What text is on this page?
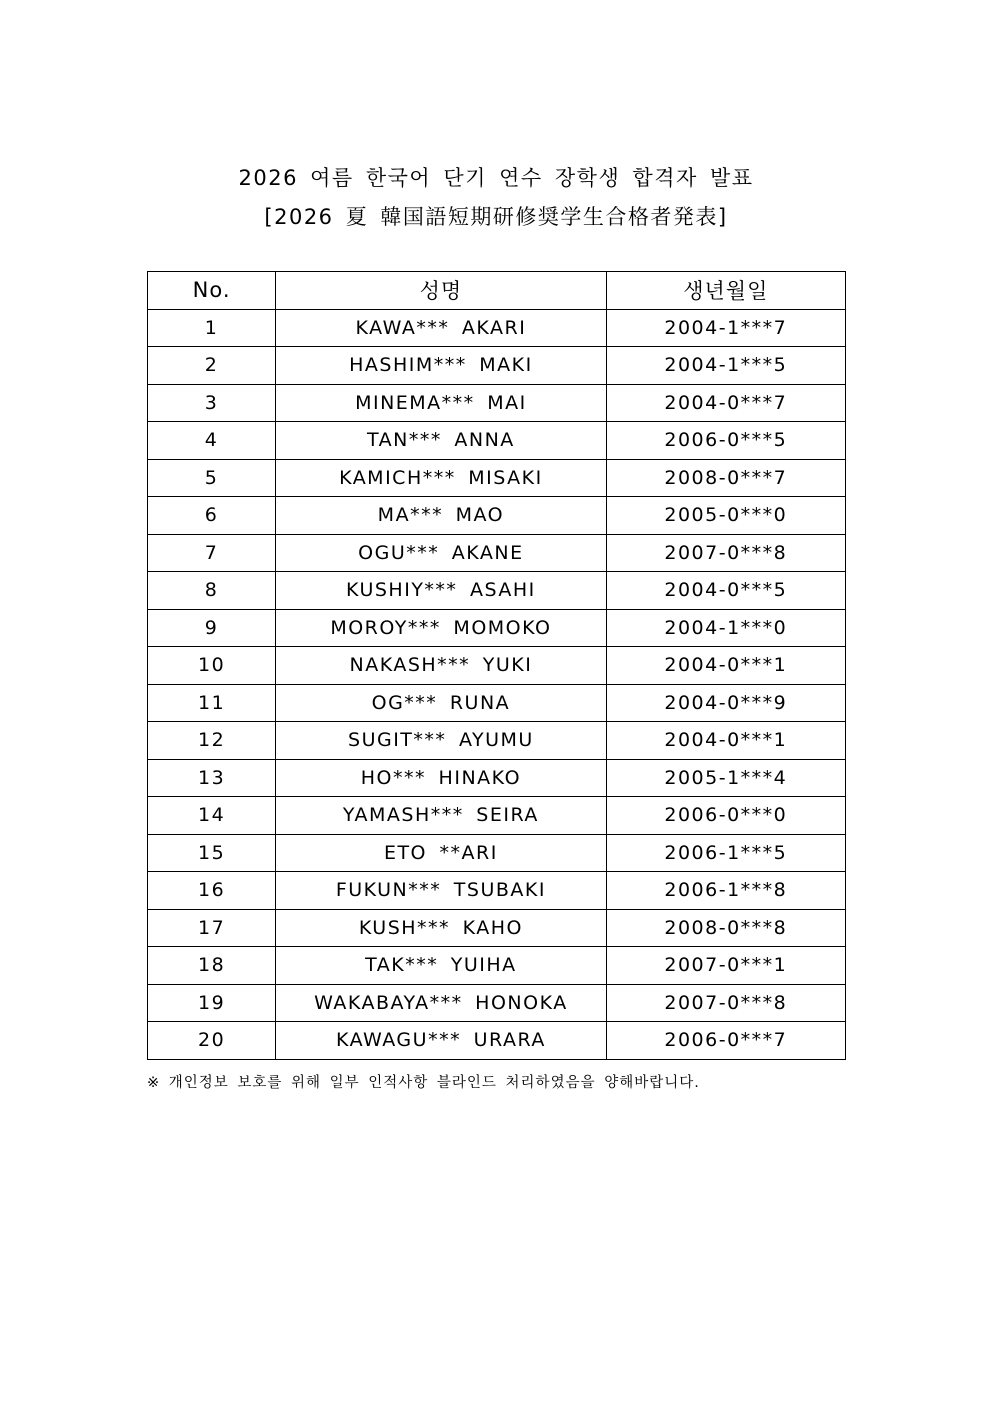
2026 여름 한국어 단기 연수 장학생 합격자 발표
[2026 夏 韓国語短期研修奨学生合格者発表]
No.	성명	생년월일
1	KAWA*** AKARI	2004-1***7
2	HASHIM*** MAKI	2004-1***5
3	MINEMA*** MAI	2004-0***7
4	TAN*** ANNA	2006-0***5
5	KAMICH*** MISAKI	2008-0***7
6	MA*** MAO	2005-0***0
7	OGU*** AKANE	2007-0***8
8	KUSHIY*** ASAHI	2004-0***5
9	MOROY*** MOMOKO	2004-1***0
10	NAKASH*** YUKI	2004-0***1
11	OG*** RUNA	2004-0***9
12	SUGIT*** AYUMU	2004-0***1
13	HO*** HINAKO	2005-1***4
14	YAMASH*** SEIRA	2006-0***0
15	ETO **ARI	2006-1***5
16	FUKUN*** TSUBAKI	2006-1***8
17	KUSH*** KAHO	2008-0***8
18	TAK*** YUIHA	2007-0***1
19	WAKABAYA*** HONOKA	2007-0***8
20	KAWAGU*** URARA	2006-0***7
※ 개인정보 보호를 위해 일부 인적사항 블라인드 처리하였음을 양해바랍니다.
